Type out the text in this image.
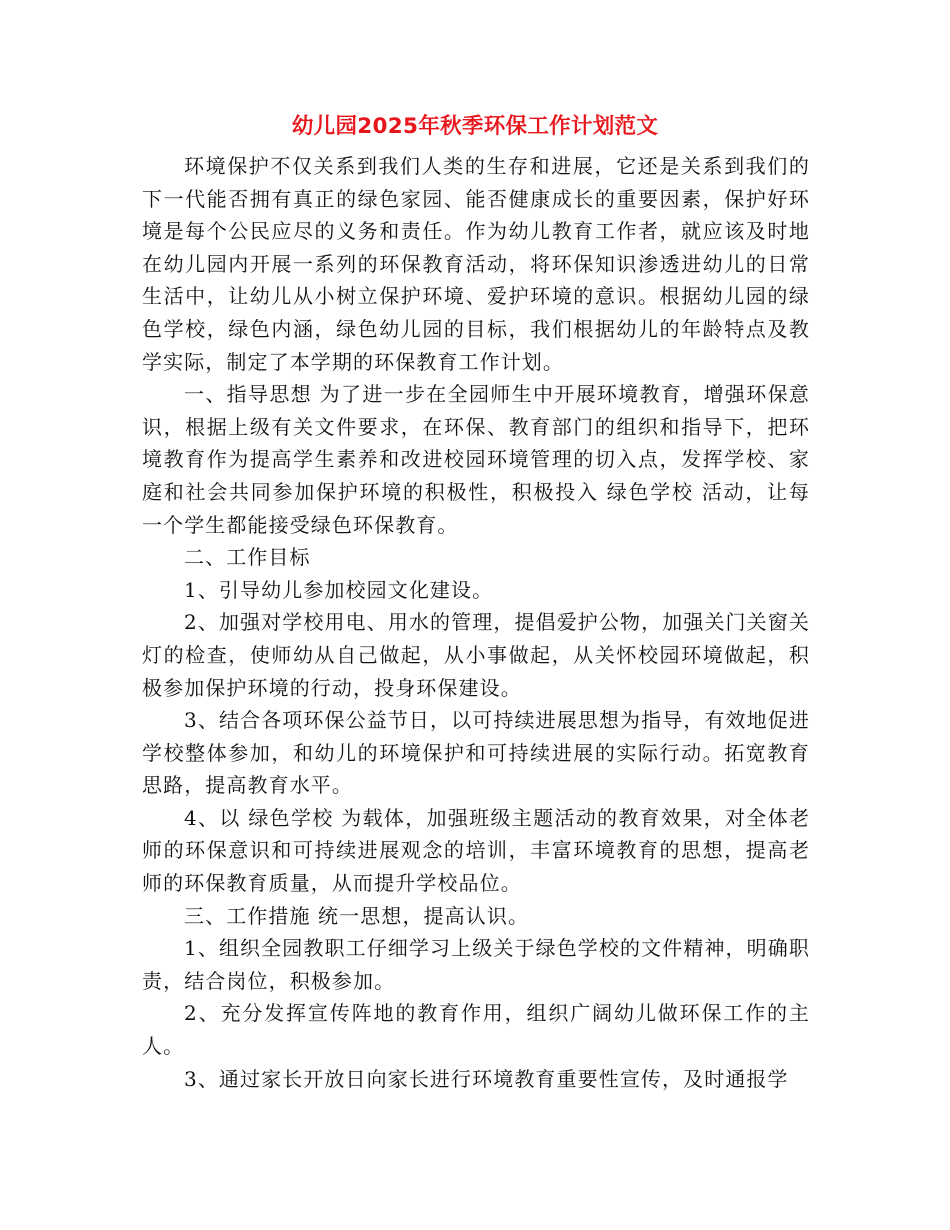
幼儿园2025年秋季环保工作计划范文

环境保护不仅关系到我们人类的生存和进展，它还是关系到我们的下一代能否拥有真正的绿色家园、能否健康成长的重要因素，保护好环境是每个公民应尽的义务和责任。作为幼儿教育工作者，就应该及时地在幼儿园内开展一系列的环保教育活动，将环保知识渗透进幼儿的日常生活中，让幼儿从小树立保护环境、爱护环境的意识。根据幼儿园的绿色学校，绿色内涵，绿色幼儿园的目标，我们根据幼儿的年龄特点及教学实际，制定了本学期的环保教育工作计划。

一、指导思想 为了进一步在全园师生中开展环境教育，增强环保意识，根据上级有关文件要求，在环保、教育部门的组织和指导下，把环境教育作为提高学生素养和改进校园环境管理的切入点，发挥学校、家庭和社会共同参加保护环境的积极性，积极投入 绿色学校 活动，让每一个学生都能接受绿色环保教育。

二、工作目标

1、引导幼儿参加校园文化建设。

2、加强对学校用电、用水的管理，提倡爱护公物，加强关门关窗关灯的检查，使师幼从自己做起，从小事做起，从关怀校园环境做起，积极参加保护环境的行动，投身环保建设。

3、结合各项环保公益节日，以可持续进展思想为指导，有效地促进学校整体参加，和幼儿的环境保护和可持续进展的实际行动。拓宽教育思路，提高教育水平。

4、以 绿色学校 为载体，加强班级主题活动的教育效果，对全体老师的环保意识和可持续进展观念的培训，丰富环境教育的思想，提高老师的环保教育质量，从而提升学校品位。

三、工作措施 统一思想，提高认识。

1、组织全园教职工仔细学习上级关于绿色学校的文件精神，明确职责，结合岗位，积极参加。

2、充分发挥宣传阵地的教育作用，组织广阔幼儿做环保工作的主人。

3、通过家长开放日向家长进行环境教育重要性宣传，及时通报学
